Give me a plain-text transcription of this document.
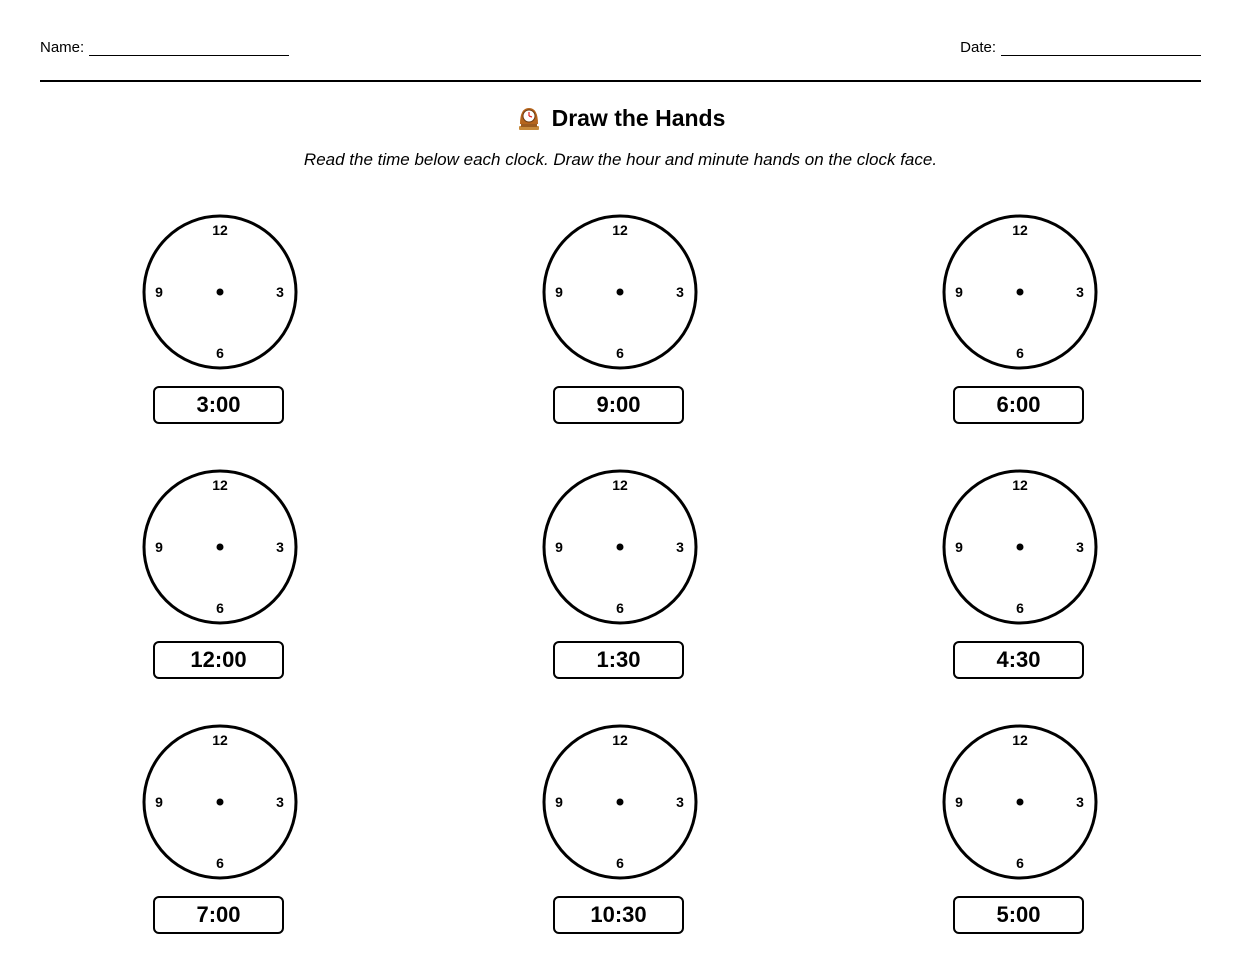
Name:	Date:
Draw the Hands
Read the time below each clock. Draw the hour and minute hands on the clock face.
12
3
6
9
3:00
12
3
6
9
9:00
12
3
6
9
6:00
12
3
6
9
12:00
12
3
6
9
1:30
12
3
6
9
4:30
12
3
6
9
7:00
12
3
6
9
10:30
12
3
6
9
5:00
